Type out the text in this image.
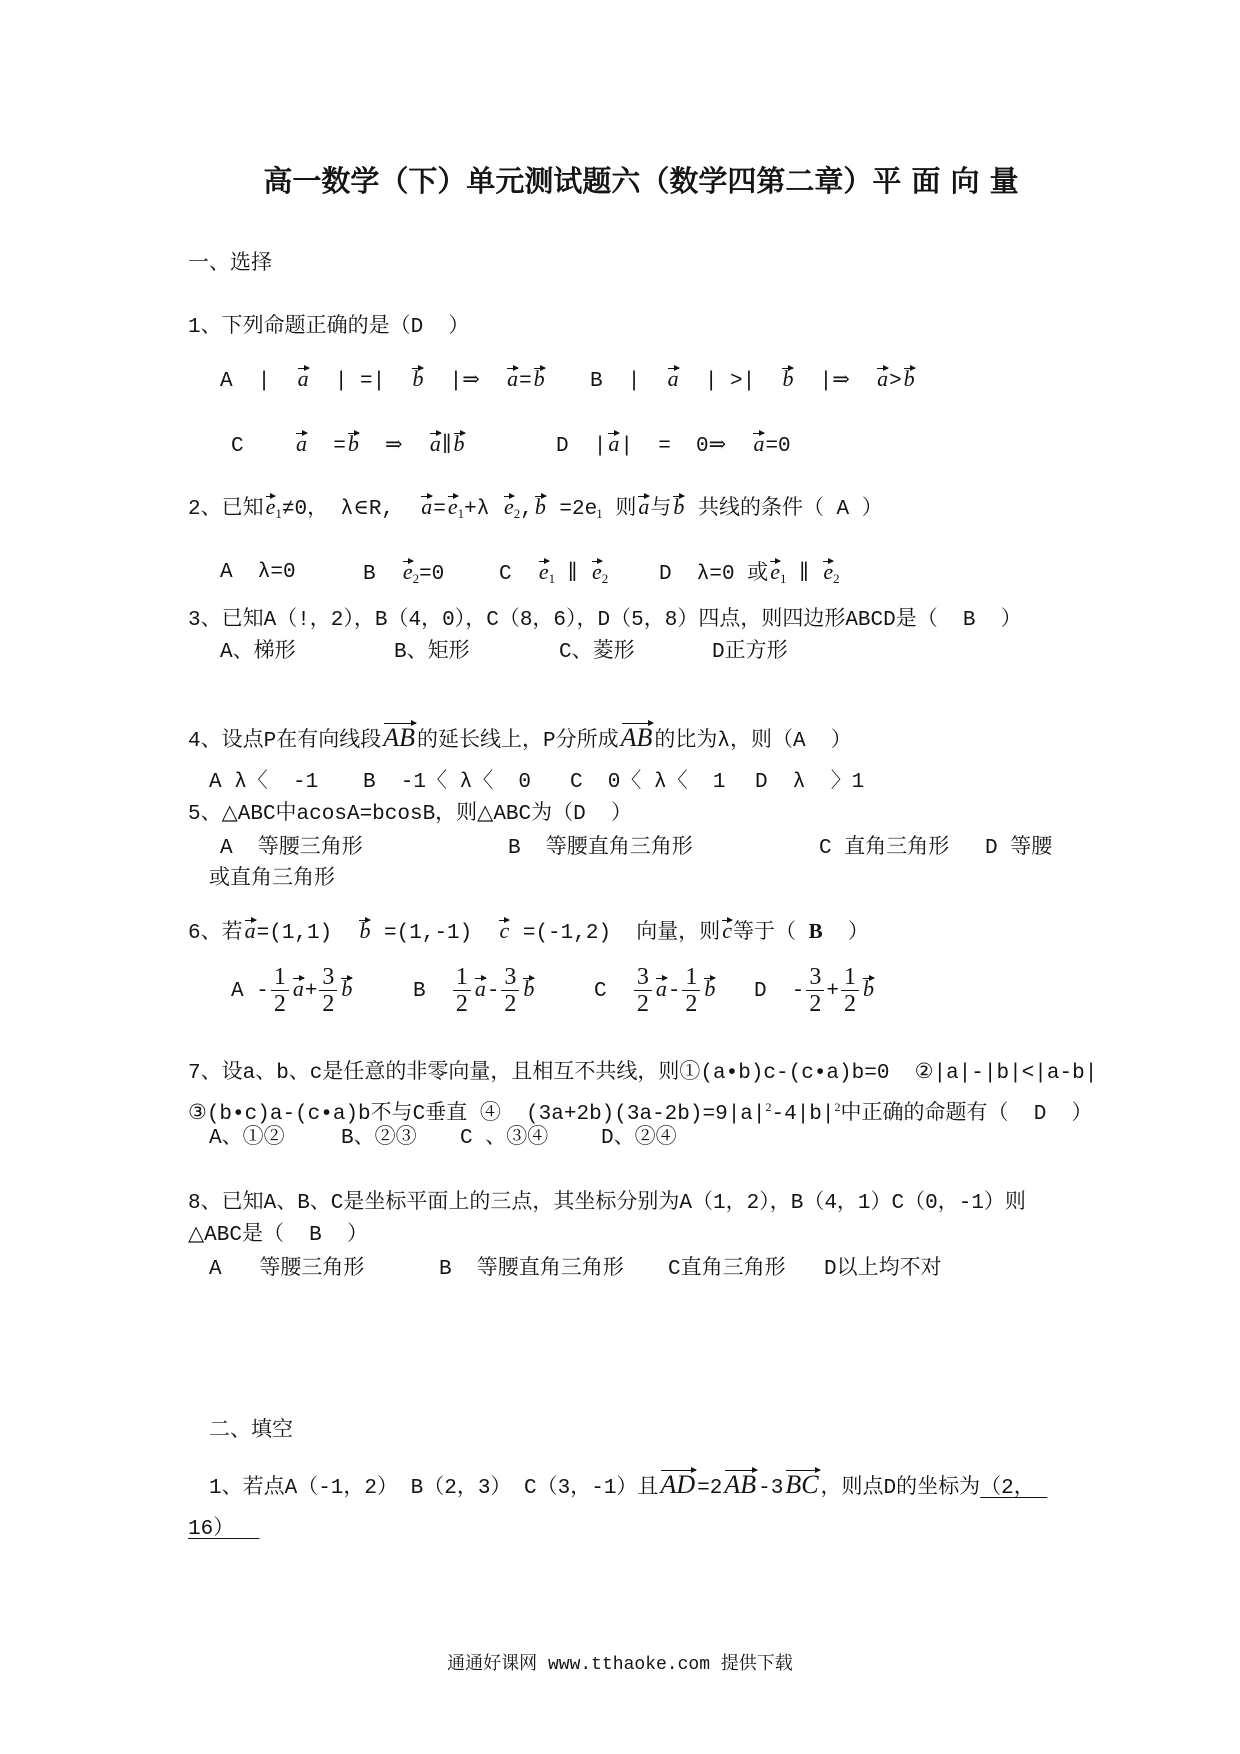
高一数学（下）单元测试题六（数学四第二章）平 面 向 量
一、选择
1、下列命题正确的是（D  ）
A  |  a  | =|  b  |⇒  a=b B  |  a  | >|  b  |⇒  a>b
C    a  =b  ⇒  a∥b	D  |a|  =  0⇒  a=0
2、已知$e_1\ne 0$， λ∈R,  $a=e_1+\lambda$ $e_2,b =2e_1$ 则a与b 共线的条件（ A ）
A  λ=0	B  $e_2=0$	C  $e_1$ ∥ $e_2$ D  λ=0 或$e_1$ ∥ $e_2$
3、已知A（!，2），B（4，0），C（8，6），D（5，8）四点，则四边形ABCD是（  B  ）
A、梯形	B、矩形	C、菱形	D正方形
4、设点P在有向线段AB的延长线上，P分所成AB的比为λ，则（A  ）
A λ〈  -1 B  -1〈 λ〈  0 C  0〈 λ〈  1 D  λ  〉1
5、△ABC中acosA=bcosB，则△ABC为（D  ）
A  等腰三角形	B  等腰直角三角形	C 直角三角形 D 等腰
或直角三角形
6、若a=(1,1)  b =(1,-1)  c =(-1,2)  向量，则c等于（ B  ）
$A - \frac{1}{2} a+ \frac{3}{2}$ b	B $\frac{1}{2} a- \frac{3}{2}$ b	C $\frac{3}{2} a- \frac{1}{2}$ b $D - \frac{3}{2} + \frac{1}{2}$ b
7、设a、b、c是任意的非零向量，且相互不共线，则①(a•b)c-(c•a)b=0  ②|a|-|b|<|a-b|
③(b•c)a-(c•a)b不与C垂直 ④  $(3a+2b)(3a-2b)=9|a|^2-4|b|^2$中正确的命题有（  D  ）
A、①②	B、②③ C 、③④	D、②④
8、已知A、B、C是坐标平面上的三点，其坐标分别为A（1，2），B（4，1）C（0，-1）则
△ABC是（  B  ）
A   等腰三角形	B  等腰直角三角形 C直角三角形 D以上均不对
二、填空
1、若点A（-1，2） B（2，3） C（3，-1）且AD=2AB-3BC，则点D的坐标为（2，
16）
通通好课网 www.tthaoke.com 提供下载
